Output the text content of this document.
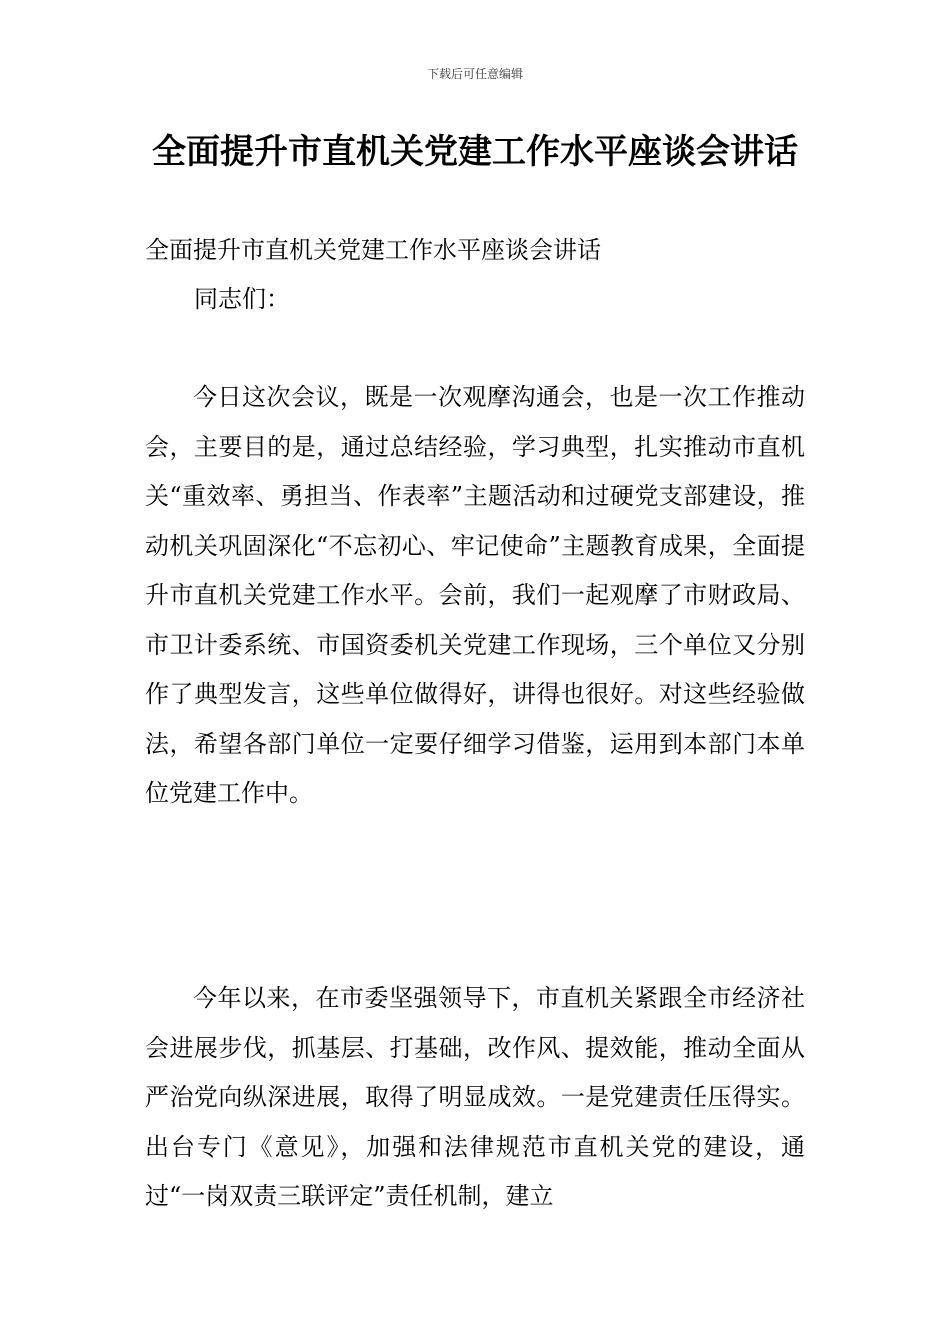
下载后可任意编辑
全面提升市直机关党建工作水平座谈会讲话

全面提升市直机关党建工作水平座谈会讲话

同志们：

今日这次会议，既是一次观摩沟通会，也是一次工作推动会，主要目的是，通过总结经验，学习典型，扎实推动市直机关“重效率、勇担当、作表率”主题活动和过硬党支部建设，推动机关巩固深化“不忘初心、牢记使命”主题教育成果，全面提升市直机关党建工作水平。会前，我们一起观摩了市财政局、市卫计委系统、市国资委机关党建工作现场，三个单位又分别作了典型发言，这些单位做得好，讲得也很好。对这些经验做法，希望各部门单位一定要仔细学习借鉴，运用到本部门本单位党建工作中。

今年以来，在市委坚强领导下，市直机关紧跟全市经济社会进展步伐，抓基层、打基础，改作风、提效能，推动全面从严治党向纵深进展，取得了明显成效。一是党建责任压得实。出台专门《意见》，加强和法律规范市直机关党的建设，通过“一岗双责三联评定”责任机制，建立
